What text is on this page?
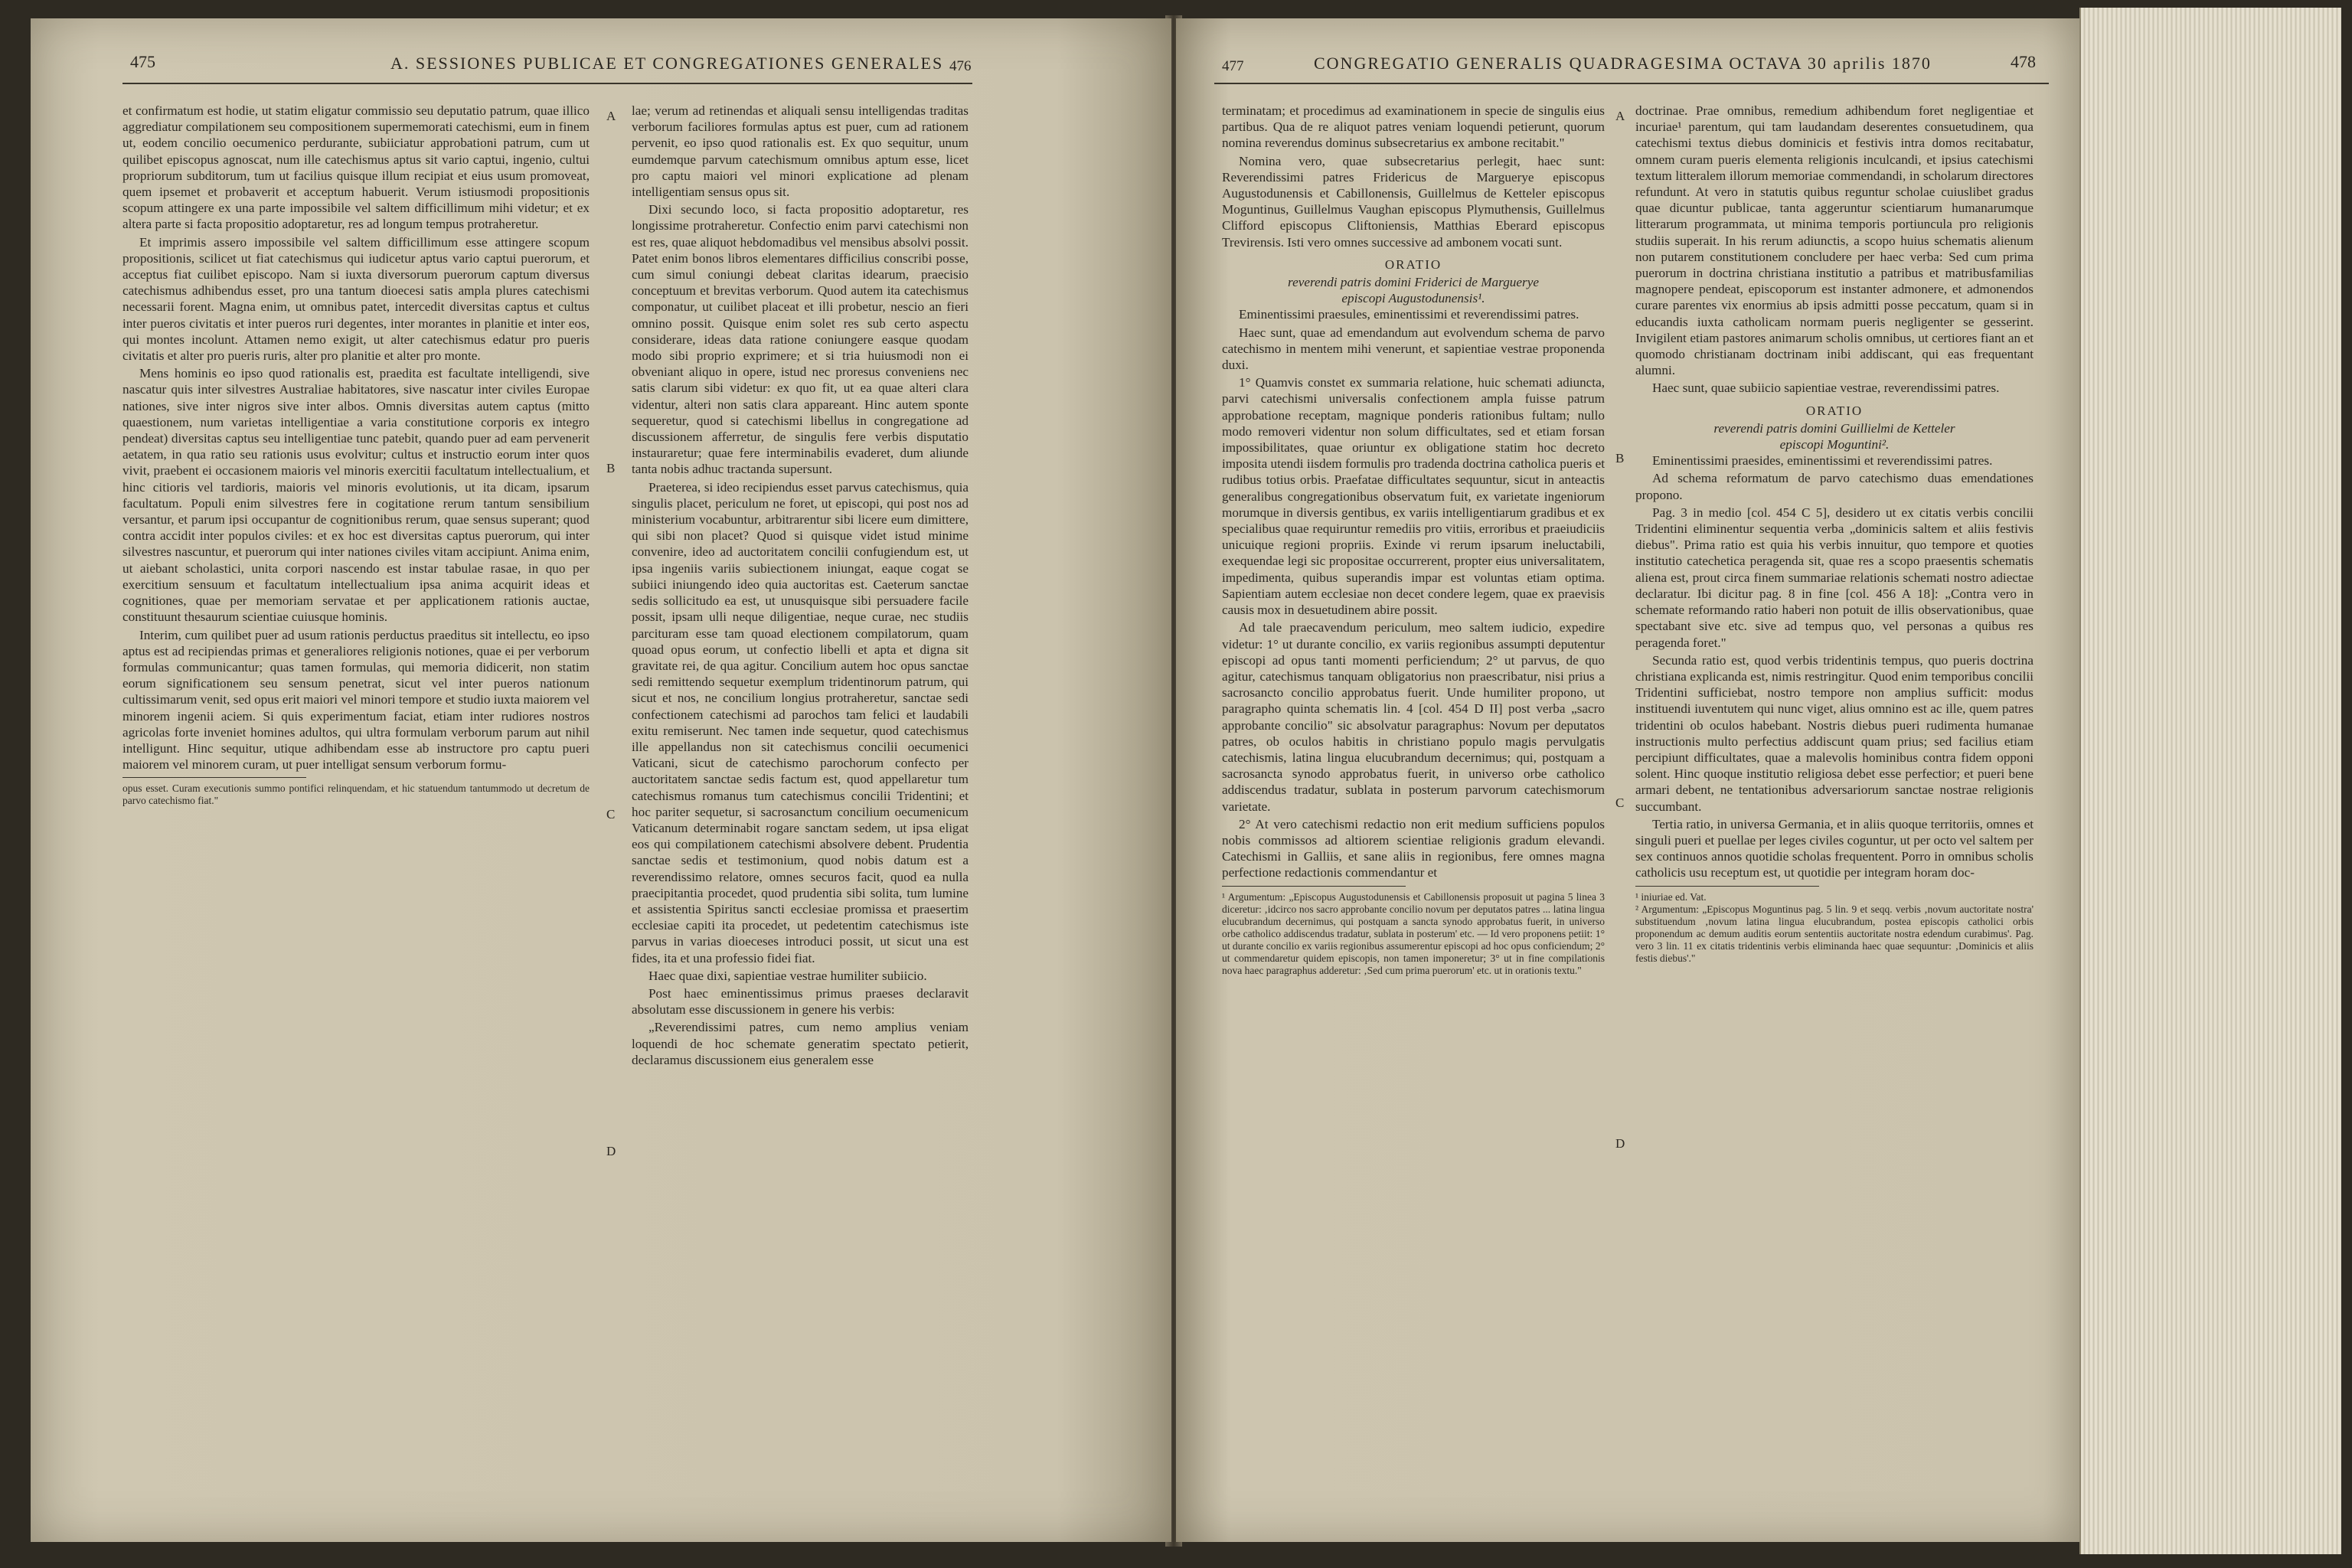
475	A. SESSIONES PUBLICAE ET CONGREGATIONES GENERALES 476

et confirmatum est hodie, ut statim eligatur commissio seu deputatio patrum, quae illico aggrediatur compilationem seu compositionem supermemorati catechismi, eum in finem ut, eodem concilio oecumenico perdurante, subiiciatur approbationi patrum, cum ut quilibet episcopus agnoscat, num ille catechismus aptus sit vario captui, ingenio, cultui propriorum subditorum, tum ut facilius quisque illum recipiat et eius usum promoveat, quem ipsemet et probaverit et acceptum habuerit. Verum istiusmodi propositionis scopum attingere ex una parte impossibile vel saltem difficillimum mihi videtur; et ex altera parte si facta propositio adoptaretur, res ad longum tempus protraheretur.

Et imprimis assero impossibile vel saltem difficillimum esse attingere scopum propositionis, scilicet ut fiat catechismus qui iudicetur aptus vario captui puerorum, et acceptus fiat cuilibet episcopo. Nam si iuxta diversorum puerorum captum diversus catechismus adhibendus esset, pro una tantum dioecesi satis ampla plures catechismi necessarii forent. Magna enim, ut omnibus patet, intercedit diversitas captus et cultus inter pueros civitatis et inter pueros ruri degentes, inter morantes in planitie et inter eos, qui montes incolunt. Attamen nemo exigit, ut alter catechismus edatur pro pueris civitatis et alter pro pueris ruris, alter pro planitie et alter pro monte.

Mens hominis eo ipso quod rationalis est, praedita est facultate intelligendi, sive nascatur quis inter silvestres Australiae habitatores, sive nascatur inter civiles Europae nationes, sive inter nigros sive inter albos. Omnis diversitas autem captus (mitto quaestionem, num varietas intelligentiae a varia constitutione corporis ex integro pendeat) diversitas captus seu intelligentiae tunc patebit, quando puer ad eam pervenerit aetatem, in qua ratio seu rationis usus evolvitur; cultus et instructio eorum inter quos vivit, praebent ei occasionem maioris vel minoris exercitii facultatum intellectualium, et hinc citioris vel tardioris, maioris vel minoris evolutionis, ut ita dicam, ipsarum facultatum. Populi enim silvestres fere in cogitatione rerum tantum sensibilium versantur, et parum ipsi occupantur de cognitionibus rerum, quae sensus superant; quod contra accidit inter populos civiles: et ex hoc est diversitas captus puerorum, qui inter silvestres nascuntur, et puerorum qui inter nationes civiles vitam accipiunt. Anima enim, ut aiebant scholastici, unita corpori nascendo est instar tabulae rasae, in quo per exercitium sensuum et facultatum intellectualium ipsa anima acquirit ideas et cognitiones, quae per memoriam servatae et per applicationem rationis auctae, constituunt thesaurum scientiae cuiusque hominis.

Interim, cum quilibet puer ad usum rationis perductus praeditus sit intellectu, eo ipso aptus est ad recipiendas primas et generaliores religionis notiones, quae ei per verborum formulas communicantur; quas tamen formulas, qui memoria didicerit, non statim eorum significationem seu sensum penetrat, sicut vel inter pueros nationum cultissimarum venit, sed opus erit maiori vel minori tempore et studio iuxta maiorem vel minorem ingenii aciem. Si quis experimentum faciat, etiam inter rudiores nostros agricolas forte inveniet homines adultos, qui ultra formulam verborum parum aut nihil intelligunt. Hinc sequitur, utique adhibendam esse ab instructore pro captu pueri maiorem vel minorem curam, ut puer intelligat sensum verborum formu-

opus esset. Curam executionis summo pontifici relinquendam, et hic statuendum tantummodo ut decretum de parvo catechismo fiat."

lae; verum ad retinendas et aliquali sensu intelligendas traditas verborum faciliores formulas aptus est puer, cum ad rationem pervenit, eo ipso quod rationalis est. Ex quo sequitur, unum eumdemque parvum catechismum omnibus aptum esse, licet pro captu maiori vel minori explicatione ad plenam intelligentiam sensus opus sit.

Dixi secundo loco, si facta propositio adoptaretur, res longissime protraheretur. Confectio enim parvi catechismi non est res, quae aliquot hebdomadibus vel mensibus absolvi possit. Patet enim bonos libros elementares difficilius conscribi posse, cum simul coniungi debeat claritas idearum, praecisio conceptuum et brevitas verborum. Quod autem ita catechismus componatur, ut cuilibet placeat et illi probetur, nescio an fieri omnino possit. Quisque enim solet res sub certo aspectu considerare, ideas data ratione coniungere easque quodam modo sibi proprio exprimere; et si tria huiusmodi non ei obveniant aliquo in opere, istud nec proresus conveniens nec satis clarum sibi videtur: ex quo fit, ut ea quae alteri clara videntur, alteri non satis clara appareant. Hinc autem sponte sequeretur, quod si catechismi libellus in congregatione ad discussionem afferretur, de singulis fere verbis disputatio instauraretur; quae fere interminabilis evaderet, dum aliunde tanta nobis adhuc tractanda supersunt.

Praeterea, si ideo recipiendus esset parvus catechismus, quia singulis placet, periculum ne foret, ut episcopi, qui post nos ad ministerium vocabuntur, arbitrarentur sibi licere eum dimittere, qui sibi non placet? Quod si quisque videt istud minime convenire, ideo ad auctoritatem concilii confugiendum est, ut ipsa ingeniis variis subiectionem iniungat, eaque cogat se subiici iniungendo ideo quia auctoritas est. Caeterum sanctae sedis sollicitudo ea est, ut unusquisque sibi persuadere facile possit, ipsam ulli neque diligentiae, neque curae, nec studiis parcituram esse tam quoad electionem compilatorum, quam quoad opus eorum, ut confectio libelli et apta et digna sit gravitate rei, de qua agitur. Concilium autem hoc opus sanctae sedi remittendo sequetur exemplum tridentinorum patrum, qui sicut et nos, ne concilium longius protraheretur, sanctae sedi confectionem catechismi ad parochos tam felici et laudabili exitu remiserunt. Nec tamen inde sequetur, quod catechismus ille appellandus non sit catechismus concilii oecumenici Vaticani, sicut de catechismo parochorum confecto per auctoritatem sanctae sedis factum est, quod appellaretur tum catechismus romanus tum catechismus concilii Tridentini; et hoc pariter sequetur, si sacrosanctum concilium oecumenicum Vaticanum determinabit rogare sanctam sedem, ut ipsa eligat eos qui compilationem catechismi absolvere debent. Prudentia sanctae sedis et testimonium, quod nobis datum est a reverendissimo relatore, omnes securos facit, quod ea nulla praecipitantia procedet, quod prudentia sibi solita, tum lumine et assistentia Spiritus sancti ecclesiae promissa et praesertim ecclesiae capiti ita procedet, ut pedetentim catechismus iste parvus in varias dioeceses introduci possit, ut sicut una est fides, ita et una professio fidei fiat.

Haec quae dixi, sapientiae vestrae humiliter subiicio.

Post haec eminentissimus primus praeses declaravit absolutam esse discussionem in genere his verbis:

„Reverendissimi patres, cum nemo amplius veniam loquendi de hoc schemate generatim spectato petierit, declaramus discussionem eius generalem esse

A
B
C
D
477	CONGREGATIO GENERALIS QUADRAGESIMA OCTAVA 30 aprilis 1870	478

terminatam; et procedimus ad examinationem in specie de singulis eius partibus. Qua de re aliquot patres veniam loquendi petierunt, quorum nomina reverendus dominus subsecretarius ex ambone recitabit."

Nomina vero, quae subsecretarius perlegit, haec sunt: Reverendissimi patres Fridericus de Marguerye episcopus Augustodunensis et Cabillonensis, Guillelmus de Ketteler episcopus Moguntinus, Guillelmus Vaughan episcopus Plymuthensis, Guillelmus Clifford episcopus Cliftoniensis, Matthias Eberard episcopus Trevirensis. Isti vero omnes successive ad ambonem vocati sunt.

ORATIO
reverendi patris domini Friderici de Marguerye
episcopi Augustodunensis¹.

Eminentissimi praesules, eminentissimi et reverendissimi patres.

Haec sunt, quae ad emendandum aut evolvendum schema de parvo catechismo in mentem mihi venerunt, et sapientiae vestrae proponenda duxi.

1° Quamvis constet ex summaria relatione, huic schemati adiuncta, parvi catechismi universalis confectionem ampla fuisse patrum approbatione receptam, magnique ponderis rationibus fultam; nullo modo removeri videntur non solum difficultates, sed et etiam forsan impossibilitates, quae oriuntur ex obligatione statim hoc decreto imposita utendi iisdem formulis pro tradenda doctrina catholica pueris et rudibus totius orbis. Praefatae difficultates sequuntur, sicut in anteactis generalibus congregationibus observatum fuit, ex varietate ingeniorum morumque in diversis gentibus, ex variis intelligentiarum gradibus et ex specialibus quae requiruntur remediis pro vitiis, erroribus et praeiudiciis unicuique regioni propriis. Exinde vi rerum ipsarum ineluctabili, exequendae legi sic propositae occurrerent, propter eius universalitatem, impedimenta, quibus superandis impar est voluntas etiam optima. Sapientiam autem ecclesiae non decet condere legem, quae ex praevisis causis mox in desuetudinem abire possit.

Ad tale praecavendum periculum, meo saltem iudicio, expedire videtur: 1° ut durante concilio, ex variis regionibus assumpti deputentur episcopi ad opus tanti momenti perficiendum; 2° ut parvus, de quo agitur, catechismus tanquam obligatorius non praescribatur, nisi prius a sacrosancto concilio approbatus fuerit. Unde humiliter propono, ut paragrapho quinta schematis lin. 4 [col. 454 D II] post verba „sacro approbante concilio" sic absolvatur paragraphus: Novum per deputatos patres, ob oculos habitis in christiano populo magis pervulgatis catechismis, latina lingua elucubrandum decernimus; qui, postquam a sacrosancta synodo approbatus fuerit, in universo orbe catholico addiscendus tradatur, sublata in posterum parvorum catechismorum varietate.

2° At vero catechismi redactio non erit medium sufficiens populos nobis commissos ad altiorem scientiae religionis gradum elevandi. Catechismi in Galliis, et sane aliis in regionibus, fere omnes magna perfectione redactionis commendantur et

¹ Argumentum: „Episcopus Augustodunensis et Cabillonensis proposuit ut pagina 5 linea 3 diceretur: ‚idcirco nos sacro approbante concilio novum per deputatos patres ... latina lingua elucubrandum decernimus, qui postquam a sancta synodo approbatus fuerit, in universo orbe catholico addiscendus tradatur, sublata in posterum' etc. — Id vero proponens petiit: 1° ut durante concilio ex variis regionibus assumerentur episcopi ad hoc opus conficiendum; 2° ut commendaretur quidem episcopis, non tamen imponeretur; 3° ut in fine compilationis nova haec paragraphus adderetur: ‚Sed cum prima puerorum' etc. ut in orationis textu."

doctrinae. Prae omnibus, remedium adhibendum foret negligentiae et incuriae¹ parentum, qui tam laudandam deserentes consuetudinem, qua catechismi textus diebus dominicis et festivis intra domos recitabatur, omnem curam pueris elementa religionis inculcandi, et ipsius catechismi textum litteralem illorum memoriae commendandi, in scholarum directores refundunt. At vero in statutis quibus reguntur scholae cuiuslibet gradus quae dicuntur publicae, tanta aggeruntur scientiarum humanarumque litterarum programmata, ut minima temporis portiuncula pro religionis studiis superait. In his rerum adiunctis, a scopo huius schematis alienum non putarem constitutionem concludere per haec verba: Sed cum prima puerorum in doctrina christiana institutio a patribus et matribusfamilias magnopere pendeat, episcoporum est instanter admonere, et admonendos curare parentes vix enormius ab ipsis admitti posse peccatum, quam si in educandis iuxta catholicam normam pueris negligenter se gesserint. Invigilent etiam pastores animarum scholis omnibus, ut certiores fiant an et quomodo christianam doctrinam inibi addiscant, qui eas frequentant alumni.

Haec sunt, quae subiicio sapientiae vestrae, reverendissimi patres.

ORATIO
reverendi patris domini Guillielmi de Ketteler
episcopi Moguntini².

Eminentissimi praesides, eminentissimi et reverendissimi patres.

Ad schema reformatum de parvo catechismo duas emendationes propono.

Pag. 3 in medio [col. 454 C 5], desidero ut ex citatis verbis concilii Tridentini eliminentur sequentia verba „dominicis saltem et aliis festivis diebus". Prima ratio est quia his verbis innuitur, quo tempore et quoties institutio catechetica peragenda sit, quae res a scopo praesentis schematis aliena est, prout circa finem summariae relationis schemati nostro adiectae declaratur. Ibi dicitur pag. 8 in fine [col. 456 A 18]: „Contra vero in schemate reformando ratio haberi non potuit de illis observationibus, quae spectabant sive etc. sive ad tempus quo, vel personas a quibus res peragenda foret."

Secunda ratio est, quod verbis tridentinis tempus, quo pueris doctrina christiana explicanda est, nimis restringitur. Quod enim temporibus concilii Tridentini sufficiebat, nostro tempore non amplius sufficit: modus instituendi iuventutem qui nunc viget, alius omnino est ac ille, quem patres tridentini ob oculos habebant. Nostris diebus pueri rudimenta humanae instructionis multo perfectius addiscunt quam prius; sed facilius etiam percipiunt difficultates, quae a malevolis hominibus contra fidem opponi solent. Hinc quoque institutio religiosa debet esse perfectior; et pueri bene armari debent, ne tentationibus adversariorum sanctae nostrae religionis succumbant.

Tertia ratio, in universa Germania, et in aliis quoque territoriis, omnes et singuli pueri et puellae per leges civiles coguntur, ut per octo vel saltem per sex continuos annos quotidie scholas frequentent. Porro in omnibus scholis catholicis usu receptum est, ut quotidie per integram horam doc-

¹ iniuriae ed. Vat.
² Argumentum: „Episcopus Moguntinus pag. 5 lin. 9 et seqq. verbis ‚novum auctoritate nostra' substituendum ‚novum latina lingua elucubrandum, postea episcopis catholici orbis proponendum ac demum auditis eorum sententiis auctoritate nostra edendum curabimus'. Pag. vero 3 lin. 11 ex citatis tridentinis verbis eliminanda haec quae sequuntur: ‚Dominicis et aliis festis diebus'."
A
B
C
D
